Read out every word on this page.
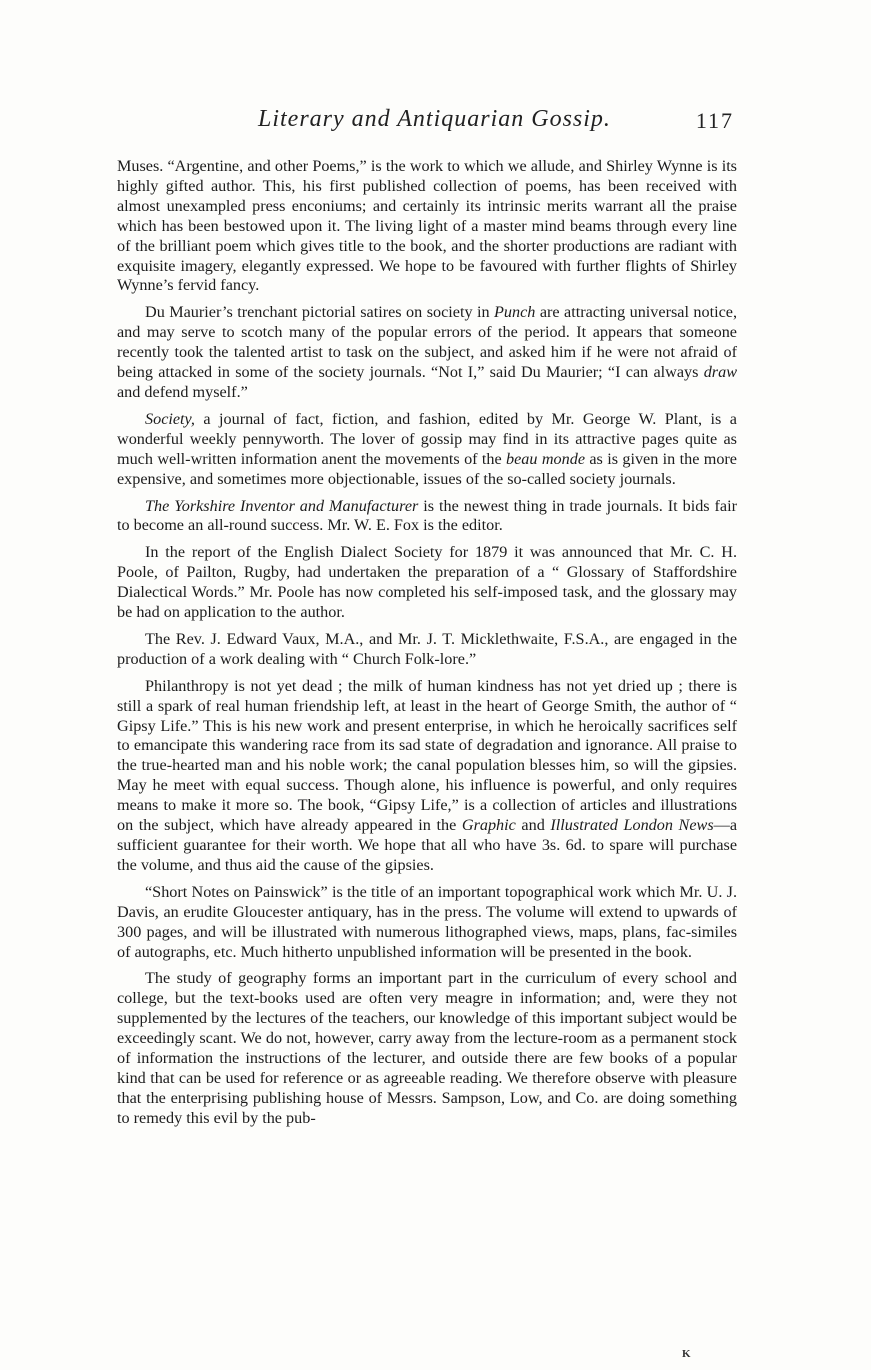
Literary and Antiquarian Gossip.	117

Muses. “Argentine, and other Poems,” is the work to which we allude, and Shirley Wynne is its highly gifted author. This, his first published collection of poems, has been received with almost unexampled press enconiums; and certainly its intrinsic merits warrant all the praise which has been bestowed upon it. The living light of a master mind beams through every line of the brilliant poem which gives title to the book, and the shorter productions are radiant with exquisite imagery, elegantly expressed. We hope to be favoured with further flights of Shirley Wynne’s fervid fancy.

Du Maurier’s trenchant pictorial satires on society in Punch are attracting universal notice, and may serve to scotch many of the popular errors of the period. It appears that someone recently took the talented artist to task on the subject, and asked him if he were not afraid of being attacked in some of the society journals. “Not I,” said Du Maurier; “I can always draw and defend myself.”

Society, a journal of fact, fiction, and fashion, edited by Mr. George W. Plant, is a wonderful weekly pennyworth. The lover of gossip may find in its attractive pages quite as much well-written information anent the movements of the beau monde as is given in the more expensive, and sometimes more objectionable, issues of the so-called society journals.

The Yorkshire Inventor and Manufacturer is the newest thing in trade journals. It bids fair to become an all-round success. Mr. W. E. Fox is the editor.

In the report of the English Dialect Society for 1879 it was announced that Mr. C. H. Poole, of Pailton, Rugby, had undertaken the preparation of a “ Glossary of Staffordshire Dialectical Words.” Mr. Poole has now completed his self-imposed task, and the glossary may be had on application to the author.

The Rev. J. Edward Vaux, M.A., and Mr. J. T. Micklethwaite, F.S.A., are engaged in the production of a work dealing with “ Church Folk-lore.”

Philanthropy is not yet dead ; the milk of human kindness has not yet dried up ; there is still a spark of real human friendship left, at least in the heart of George Smith, the author of “ Gipsy Life.” This is his new work and present enterprise, in which he heroically sacrifices self to emancipate this wandering race from its sad state of degradation and ignorance. All praise to the true-hearted man and his noble work; the canal population blesses him, so will the gipsies. May he meet with equal success. Though alone, his influence is powerful, and only requires means to make it more so. The book, “Gipsy Life,” is a collection of articles and illustrations on the subject, which have already appeared in the Graphic and Illustrated London News—a sufficient guarantee for their worth. We hope that all who have 3s. 6d. to spare will purchase the volume, and thus aid the cause of the gipsies.

“Short Notes on Painswick” is the title of an important topographical work which Mr. U. J. Davis, an erudite Gloucester antiquary, has in the press. The volume will extend to upwards of 300 pages, and will be illustrated with numerous lithographed views, maps, plans, fac-similes of autographs, etc. Much hitherto unpublished information will be presented in the book.

The study of geography forms an important part in the curriculum of every school and college, but the text-books used are often very meagre in information; and, were they not supplemented by the lectures of the teachers, our knowledge of this important subject would be exceedingly scant. We do not, however, carry away from the lecture-room as a permanent stock of information the instructions of the lecturer, and outside there are few books of a popular kind that can be used for reference or as agreeable reading. We therefore observe with pleasure that the enterprising publishing house of Messrs. Sampson, Low, and Co. are doing something to remedy this evil by the pub-

K
